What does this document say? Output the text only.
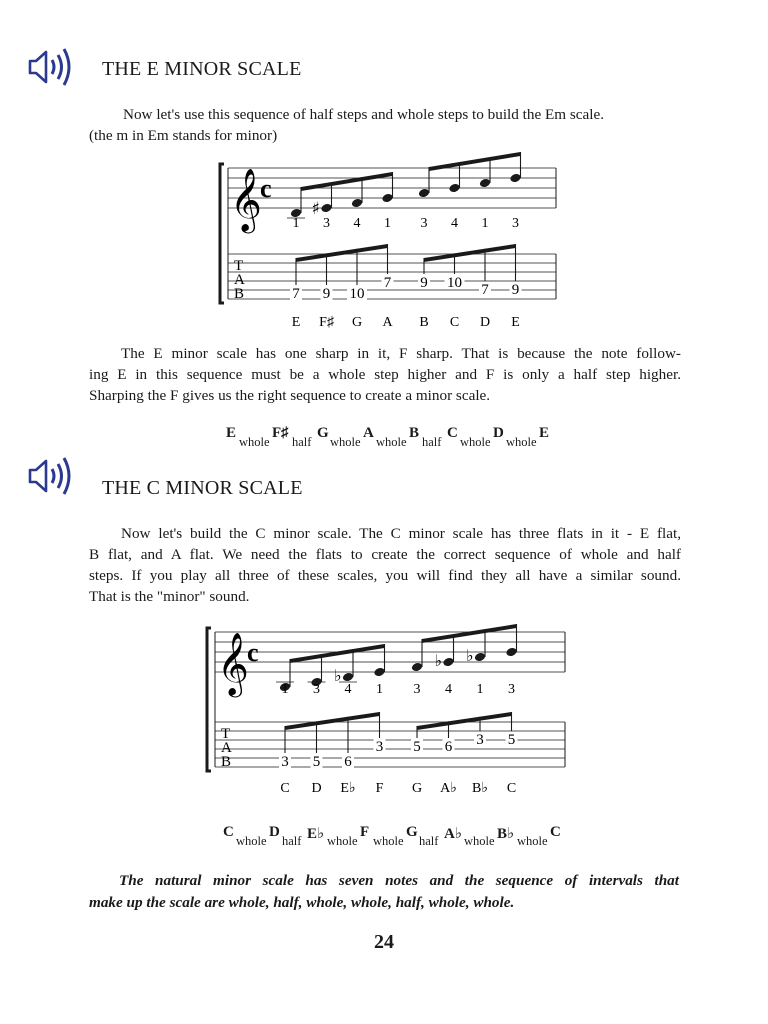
THE E MINOR SCALE
Now let's use this sequence of half steps and whole steps to build the Em scale.
(the m in Em stands for minor)
𝄞
c
♯
1 3 4 1 3 4 1 3
T
A
B	7 9 10
7 9 10 7 9
E F♯ G A B C D E
The E minor scale has one sharp in it, F sharp. That is because the note follow-
ing E in this sequence must be a whole step higher and F is only a half step higher.
Sharping the F gives us the right sequence to create a minor scale.
E
whole
F♯
half
G
whole
A
whole
B
half
C
whole
D
whole
E
THE C MINOR SCALE
Now let's build the C minor scale. The C minor scale has three flats in it - E flat,
B flat, and A flat. We need the flats to create the correct sequence of whole and half
steps. If you play all three of these scales, you will find they all have a similar sound.
That is the "minor" sound.
𝄞
c
♭
♭ ♭
1 3 4 1 3 4 1 3
T
A
B	3 5 6
3 5 6 3 5
C D E♭ F G A♭ B♭ C
C
whole
D
half E♭ whole
F
whole
G
half A♭ whole B♭ whole
C
The natural minor scale has seven notes and the sequence of intervals that
make up the scale are whole, half, whole, whole, half, whole, whole.
24
